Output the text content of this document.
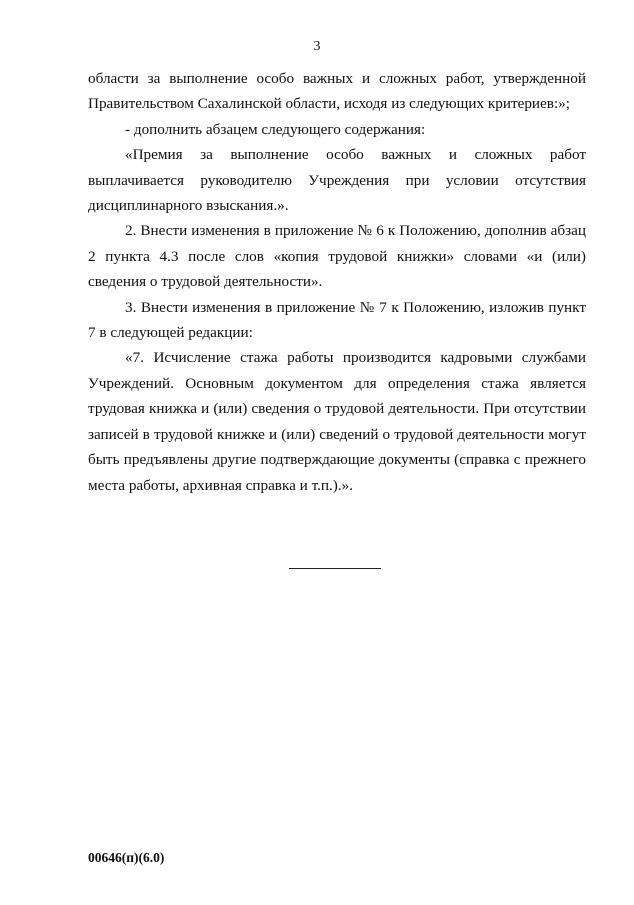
3

области за выполнение особо важных и сложных работ, утвержденной Правительством Сахалинской области, исходя из следующих критериев:»;

- дополнить абзацем следующего содержания:

«Премия за выполнение особо важных и сложных работ выплачивается руководителю Учреждения при условии отсутствия дисциплинарного взыскания.».

2. Внести изменения в приложение № 6 к Положению, дополнив абзац 2 пункта 4.3 после слов «копия трудовой книжки» словами «и (или) сведения о трудовой деятельности».

3. Внести изменения в приложение № 7 к Положению, изложив пункт 7 в следующей редакции:

«7. Исчисление стажа работы производится кадровыми службами Учреждений. Основным документом для определения стажа является трудовая книжка и (или) сведения о трудовой деятельности. При отсутствии записей в трудовой книжке и (или) сведений о трудовой деятельности могут быть предъявлены другие подтверждающие документы (справка с прежнего места работы, архивная справка и т.п.).».

00646(п)(6.0)
